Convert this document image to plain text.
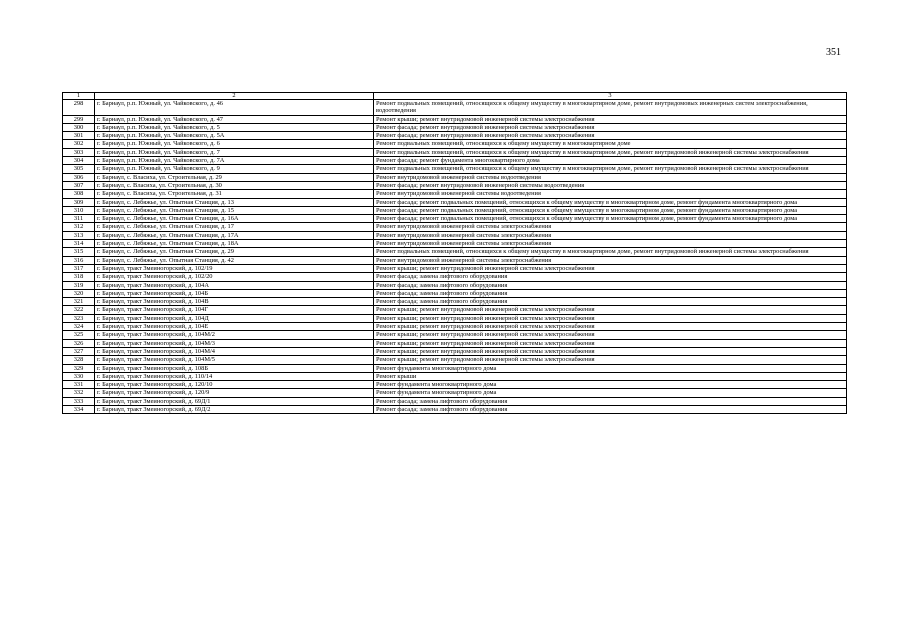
351
1	2	3
298	г. Барнаул, р.п. Южный, ул. Чайковского, д. 46	Ремонт подвальных помещений, относящихся к общему имуществу в многоквартирном доме, ремонт внутридомовых инженерных систем электроснабжения, водоотведения
299	г. Барнаул, р.п. Южный, ул. Чайковского, д. 47	Ремонт крыши; ремонт внутридомовой инженерной системы электроснабжения
300	г. Барнаул, р.п. Южный, ул. Чайковского, д. 5	Ремонт фасада; ремонт внутридомовой инженерной системы электроснабжения
301	г. Барнаул, р.п. Южный, ул. Чайковского, д. 5А	Ремонт фасада; ремонт внутридомовой инженерной системы электроснабжения
302	г. Барнаул, р.п. Южный, ул. Чайковского, д. 6	Ремонт подвальных помещений, относящихся к общему имуществу в многоквартирном доме
303	г. Барнаул, р.п. Южный, ул. Чайковского, д. 7	Ремонт подвальных помещений, относящихся к общему имуществу в многоквартирном доме, ремонт внутридомовой инженерной системы электроснабжения
304	г. Барнаул, р.п. Южный, ул. Чайковского, д. 7А	Ремонт фасада; ремонт фундамента многоквартирного дома
305	г. Барнаул, р.п. Южный, ул. Чайковского, д. 9	Ремонт подвальных помещений, относящихся к общему имуществу в многоквартирном доме, ремонт внутридомовой инженерной системы электроснабжения
306	г. Барнаул, с. Власиха, ул. Строительная, д. 29	Ремонт внутридомовой инженерной системы водоотведения
307	г. Барнаул, с. Власиха, ул. Строительная, д. 30	Ремонт фасада; ремонт внутридомовой инженерной системы водоотведения
308	г. Барнаул, с. Власиха, ул. Строительная, д. 31	Ремонт внутридомовой инженерной системы водоотведения
309	г. Барнаул, с. Лебяжье, ул. Опытная Станция, д. 13	Ремонт фасада; ремонт подвальных помещений, относящихся к общему имуществу в многоквартирном доме, ремонт фундамента многоквартирного дома
310	г. Барнаул, с. Лебяжье, ул. Опытная Станция, д. 15	Ремонт фасада; ремонт подвальных помещений, относящихся к общему имуществу в многоквартирном доме, ремонт фундамента многоквартирного дома
311	г. Барнаул, с. Лебяжье, ул. Опытная Станция, д. 16А	Ремонт фасада; ремонт подвальных помещений, относящихся к общему имуществу в многоквартирном доме, ремонт фундамента многоквартирного дома
312	г. Барнаул, с. Лебяжье, ул. Опытная Станция, д. 17	Ремонт внутридомовой инженерной системы электроснабжения
313	г. Барнаул, с. Лебяжье, ул. Опытная Станция, д. 17А	Ремонт внутридомовой инженерной системы электроснабжения
314	г. Барнаул, с. Лебяжье, ул. Опытная Станция, д. 18А	Ремонт внутридомовой инженерной системы электроснабжения
315	г. Барнаул, с. Лебяжье, ул. Опытная Станция, д. 29	Ремонт подвальных помещений, относящихся к общему имуществу в многоквартирном доме, ремонт внутридомовой инженерной системы электроснабжения
316	г. Барнаул, с. Лебяжье, ул. Опытная Станция, д. 42	Ремонт внутридомовой инженерной системы электроснабжения
317	г. Барнаул, тракт Змеиногорский, д. 102/19	Ремонт крыши; ремонт внутридомовой инженерной системы электроснабжения
318	г. Барнаул, тракт Змеиногорский, д. 102/20	Ремонт фасада; замена лифтового оборудования
319	г. Барнаул, тракт Змеиногорский, д. 104А	Ремонт фасада; замена лифтового оборудования
320	г. Барнаул, тракт Змеиногорский, д. 104Б	Ремонт фасада; замена лифтового оборудования
321	г. Барнаул, тракт Змеиногорский, д. 104В	Ремонт фасада; замена лифтового оборудования
322	г. Барнаул, тракт Змеиногорский, д. 104Г	Ремонт крыши; ремонт внутридомовой инженерной системы электроснабжения
323	г. Барнаул, тракт Змеиногорский, д. 104Д	Ремонт крыши; ремонт внутридомовой инженерной системы электроснабжения
324	г. Барнаул, тракт Змеиногорский, д. 104Е	Ремонт крыши; ремонт внутридомовой инженерной системы электроснабжения
325	г. Барнаул, тракт Змеиногорский, д. 104М/2	Ремонт крыши; ремонт внутридомовой инженерной системы электроснабжения
326	г. Барнаул, тракт Змеиногорский, д. 104М/3	Ремонт крыши; ремонт внутридомовой инженерной системы электроснабжения
327	г. Барнаул, тракт Змеиногорский, д. 104М/4	Ремонт крыши; ремонт внутридомовой инженерной системы электроснабжения
328	г. Барнаул, тракт Змеиногорский, д. 104М/5	Ремонт крыши; ремонт внутридомовой инженерной системы электроснабжения
329	г. Барнаул, тракт Змеиногорский, д. 108Б	Ремонт фундамента многоквартирного дома
330	г. Барнаул, тракт Змеиногорский, д. 110/14	Ремонт крыши
331	г. Барнаул, тракт Змеиногорский, д. 120/10	Ремонт фундамента многоквартирного дома
332	г. Барнаул, тракт Змеиногорский, д. 120/9	Ремонт фундамента многоквартирного дома
333	г. Барнаул, тракт Змеиногорский, д. 69Д/1	Ремонт фасада; замена лифтового оборудования
334	г. Барнаул, тракт Змеиногорский, д. 69Д/2	Ремонт фасада; замена лифтового оборудования
